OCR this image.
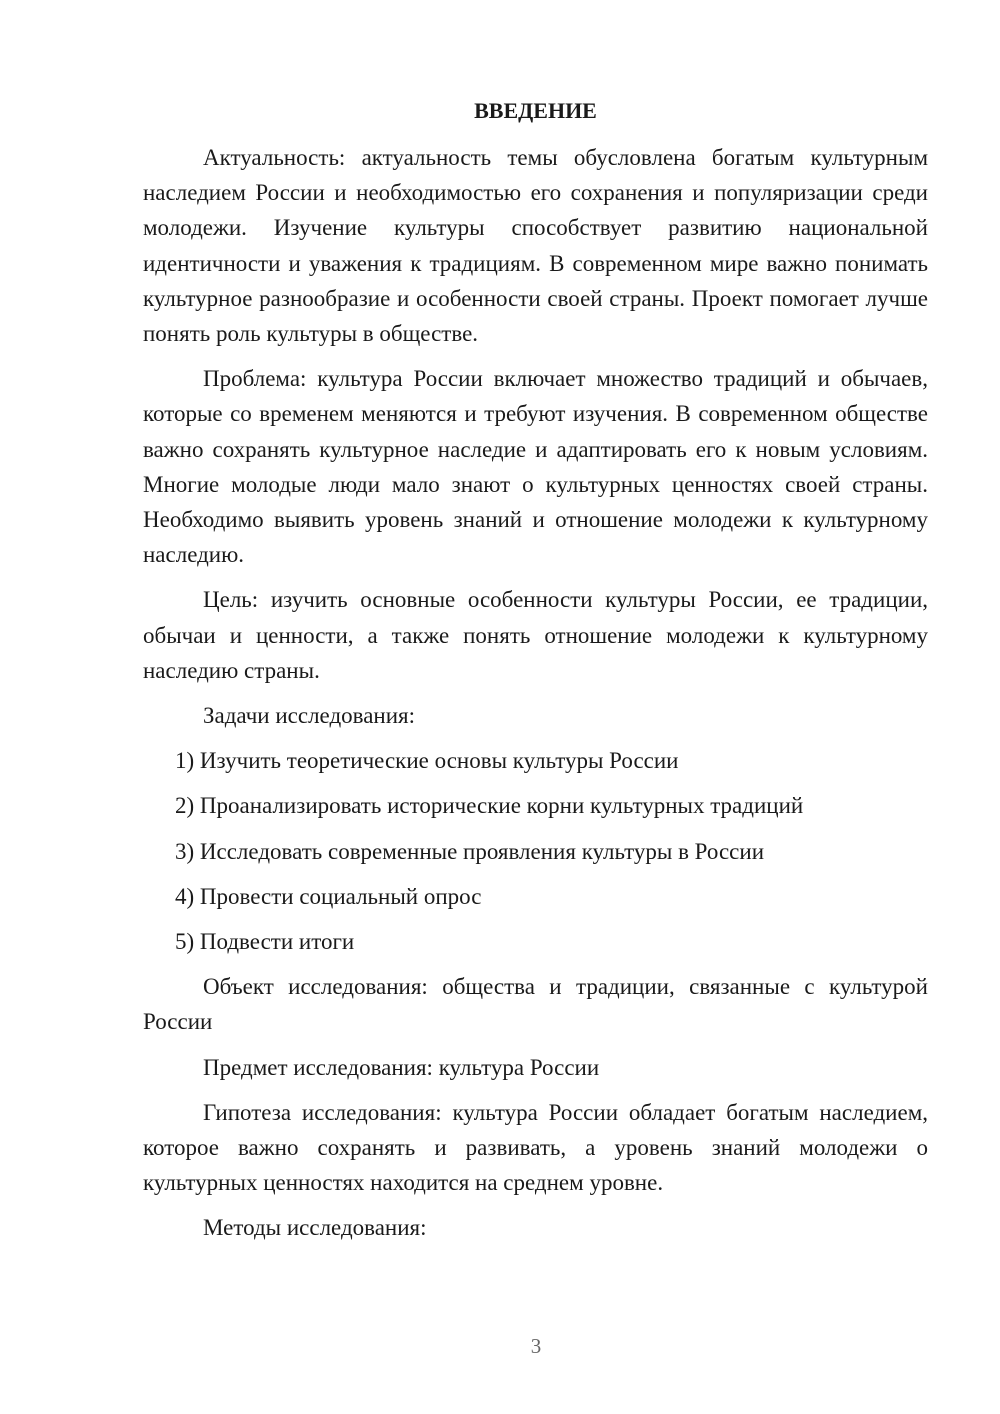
ВВЕДЕНИЕ

Актуальность: актуальность темы обусловлена богатым культурным наследием России и необходимостью его сохранения и популяризации среди молодежи. Изучение культуры способствует развитию национальной идентичности и уважения к традициям. В современном мире важно понимать культурное разнообразие и особенности своей страны. Проект помогает лучше понять роль культуры в обществе.

Проблема: культура России включает множество традиций и обычаев, которые со временем меняются и требуют изучения. В современном обществе важно сохранять культурное наследие и адаптировать его к новым условиям. Многие молодые люди мало знают о культурных ценностях своей страны. Необходимо выявить уровень знаний и отношение молодежи к культурному наследию.

Цель: изучить основные особенности культуры России, ее традиции, обычаи и ценности, а также понять отношение молодежи к культурному наследию страны.

Задачи исследования:
1) Изучить теоретические основы культуры России
2) Проанализировать исторические корни культурных традиций
3) Исследовать современные проявления культуры в России
4) Провести социальный опрос
5) Подвести итоги

Объект исследования: общества и традиции, связанные с культурой России

Предмет исследования: культура России

Гипотеза исследования: культура России обладает богатым наследием, которое важно сохранять и развивать, а уровень знаний молодежи о культурных ценностях находится на среднем уровне.

Методы исследования:
3
